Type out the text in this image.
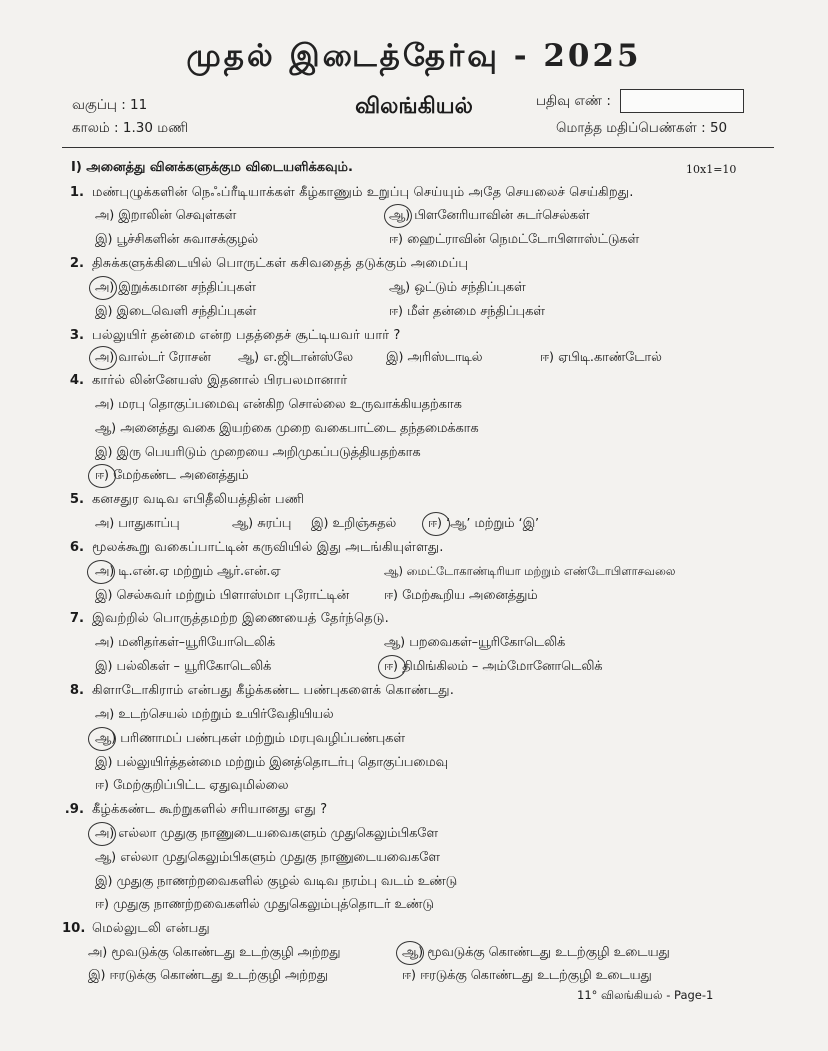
முதல் இடைத்தேர்வு - 2025
வகுப்பு : 11
காலம் : 1.30 மணி
விலங்கியல்	பதிவு எண் :
மொத்த மதிப்பெண்கள் : 50
I) அனைத்து வினக்களுக்கும விடையளிக்கவும்.	10x1=10
1. மண்புழுக்களின் நெஃப்ரீடியாக்கள் கீழ்காணும் உறுப்பு செய்யும் அதே செயலைச் செய்கிறது.
அ) இறாலின் செவுள்கள்	ஆ) பிளனேரியாவின் சுடர்செல்கள்
இ) பூச்சிகளின் சுவாசக்குழல்	ஈ) ஹைட்ராவின் நெமட்டோபிளாஸ்ட்டுகள்
2. திசுக்களுக்கிடையில் பொருட்கள் கசிவதைத் தடுக்கும் அமைப்பு
அ) இறுக்கமான சந்திப்புகள்	ஆ) ஒட்டும் சந்திப்புகள்
இ) இடைவெளி சந்திப்புகள்	ஈ) மீள் தன்மை சந்திப்புகள்
3. பல்லுயிர் தன்மை என்ற பதத்தைச் சூட்டியவர் யார் ?
அ) வால்டர் ரோசன் ஆ) எ.ஜிடான்ஸ்லே	இ) அரிஸ்டாடில்	ஈ) ஏபிடி.காண்டோல்
4. கார்ல் லின்னேயஸ் இதனால் பிரபலமானார்
அ) மரபு தொகுப்பமைவு என்கிற சொல்லை உருவாக்கியதற்காக
ஆ) அனைத்து வகை இயற்கை முறை வகைபாட்டை தந்தமைக்காக
இ) இரு பெயரிடும் முறையை அறிமுகப்படுத்தியதற்காக
ஈ) மேற்கண்ட அனைத்தும்
5. கனசதுர வடிவ எபிதீலியத்தின் பணி
அ) பாதுகாப்பு	ஆ) சுரப்பு இ) உறிஞ்சுதல் ஈ) ‘ஆ’ மற்றும் ‘இ’
6. மூலக்கூறு வகைப்பாட்டின் கருவியில் இது அடங்கியுள்ளது.
அ) டி.என்.ஏ மற்றும் ஆர்.என்.ஏ	ஆ) மைட்டோகாண்டிரியா மற்றும் எண்டோபிளாசவலை
இ) செல்சுவர் மற்றும் பிளாஸ்மா புரோட்டின்	ஈ) மேற்கூறிய அனைத்தும்
7. இவற்றில் பொருத்தமற்ற இணையைத் தேர்ந்தெடு.
அ) மனிதர்கள்–யூரியோடெலிக்	ஆ) பறவைகள்–யூரிகோடெலிக்
இ) பல்லிகள் – யூரிகோடெலிக்	ஈ) திமிங்கிலம் – அம்மோனோடெலிக்
8. கிளாடோகிராம் என்பது கீழ்க்கண்ட பண்புகளைக் கொண்டது.
அ) உடற்செயல் மற்றும் உயிர்வேதியியல்
ஆ) பரிணாமப் பண்புகள் மற்றும் மரபுவழிப்பண்புகள்
இ) பல்லுயிர்த்தன்மை மற்றும் இனத்தொடர்பு தொகுப்பமைவு
ஈ) மேற்குறிப்பிட்ட ஏதுவுமில்லை
.9. கீழ்க்கண்ட கூற்றுகளில் சரியானது எது ?
அ) எல்லா முதுகு நாணுடையவைகளும் முதுகெலும்பிகளே
ஆ) எல்லா முதுகெலும்பிகளும் முதுகு நாணுடையவைகளே
இ) முதுகு நாணற்றவைகளில் குழல் வடிவ நரம்பு வடம் உண்டு
ஈ) முதுகு நாணற்றவைகளில் முதுகெலும்புத்தொடர் உண்டு
10. மெல்லுடலி என்பது
அ) மூவடுக்கு கொண்டது உடற்குழி அற்றது	ஆ) மூவடுக்கு கொண்டது உடற்குழி உடையது
இ) ஈரடுக்கு கொண்டது உடற்குழி அற்றது	ஈ) ஈரடுக்கு கொண்டது உடற்குழி உடையது
11° விலங்கியல் - Page-1
